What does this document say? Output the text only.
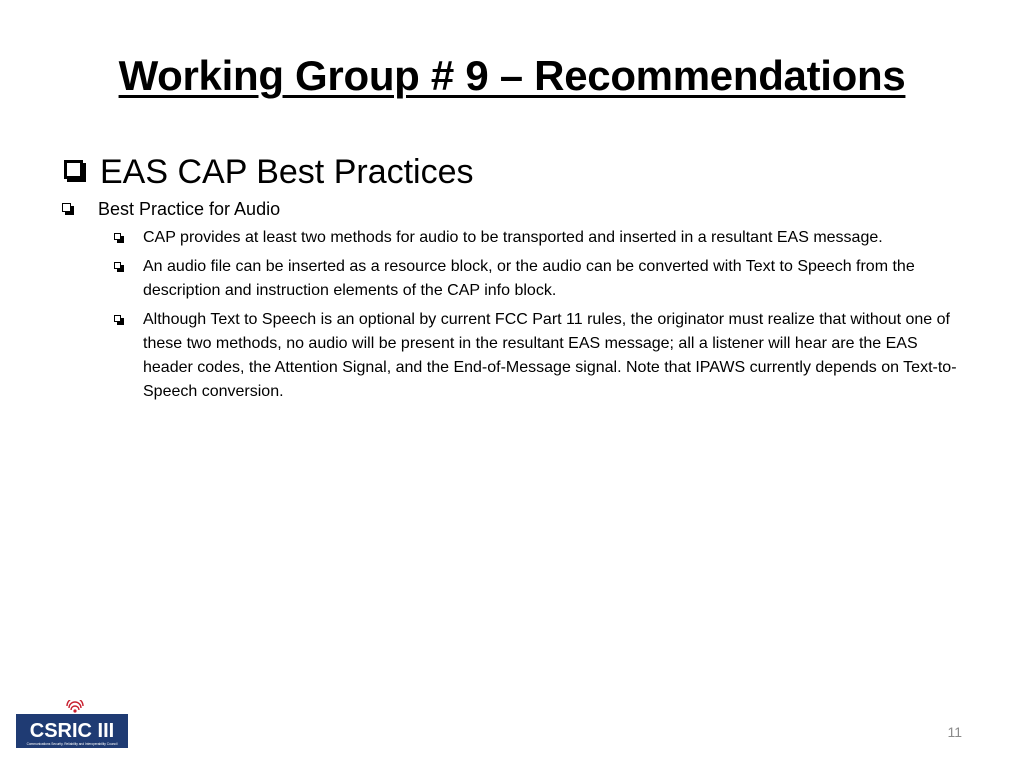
Working Group # 9 – Recommendations
EAS CAP Best Practices
Best Practice for Audio
CAP provides at least two methods for audio to be transported and inserted in a resultant EAS message.
An audio file can be inserted as a resource block, or the audio can be converted with Text to Speech from the description and instruction elements of the CAP info block.
Although Text to Speech is an optional by current FCC Part 11 rules, the originator must realize that without one of these two methods, no audio will be present in the resultant EAS message; all a listener will hear are the EAS header codes, the Attention Signal, and the End-of-Message signal. Note that IPAWS currently depends on Text-to-Speech conversion.
CSRIC III
Communications Security, Reliability and Interoperability Council
11
